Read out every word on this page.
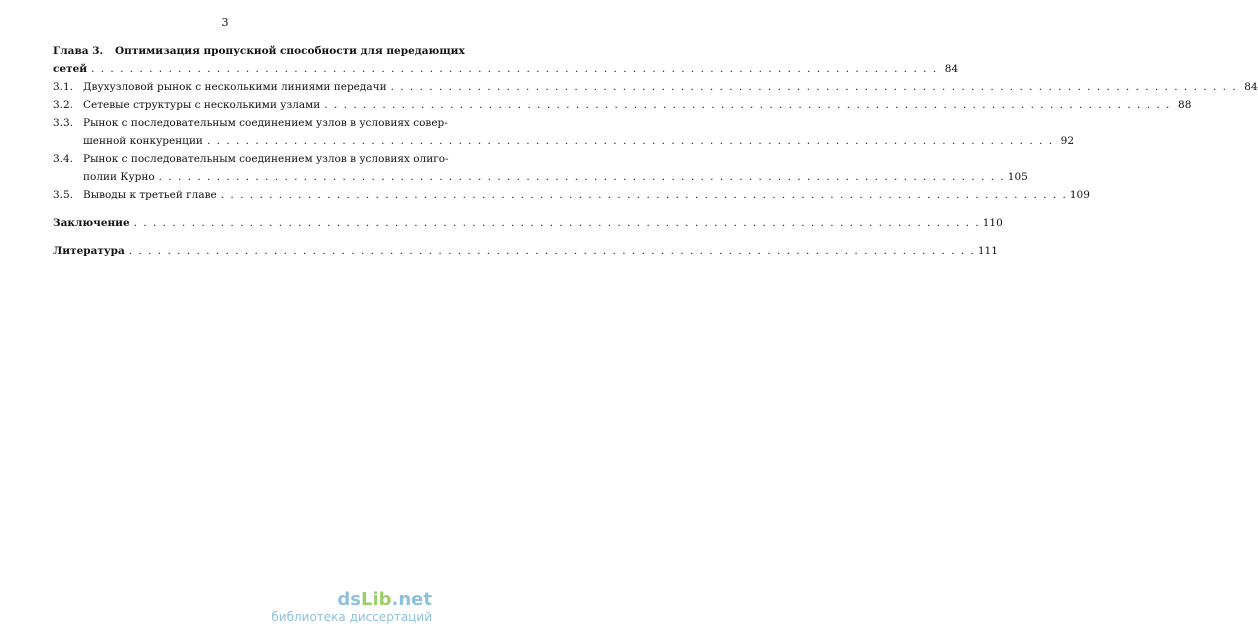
3
Глава 3.	Оптимизация пропускной способности для передающих
сетей . . .	84
3.1. Двухузловой рынок с несколькими линиями передачи . . .	84
3.2. Сетевые структуры с несколькими узлами . . .	88
3.3. Рынок с последовательным соединением узлов в условиях совер-
шенной конкуренции . . .	92
3.4. Рынок с последовательным соединением узлов в условиях олиго-
полии Курно . . .	105
3.5. Выводы к третьей главе . . .	109
Заключение . . .	110
Литература . . .	111
dsLib.net
библиотека диссертаций
